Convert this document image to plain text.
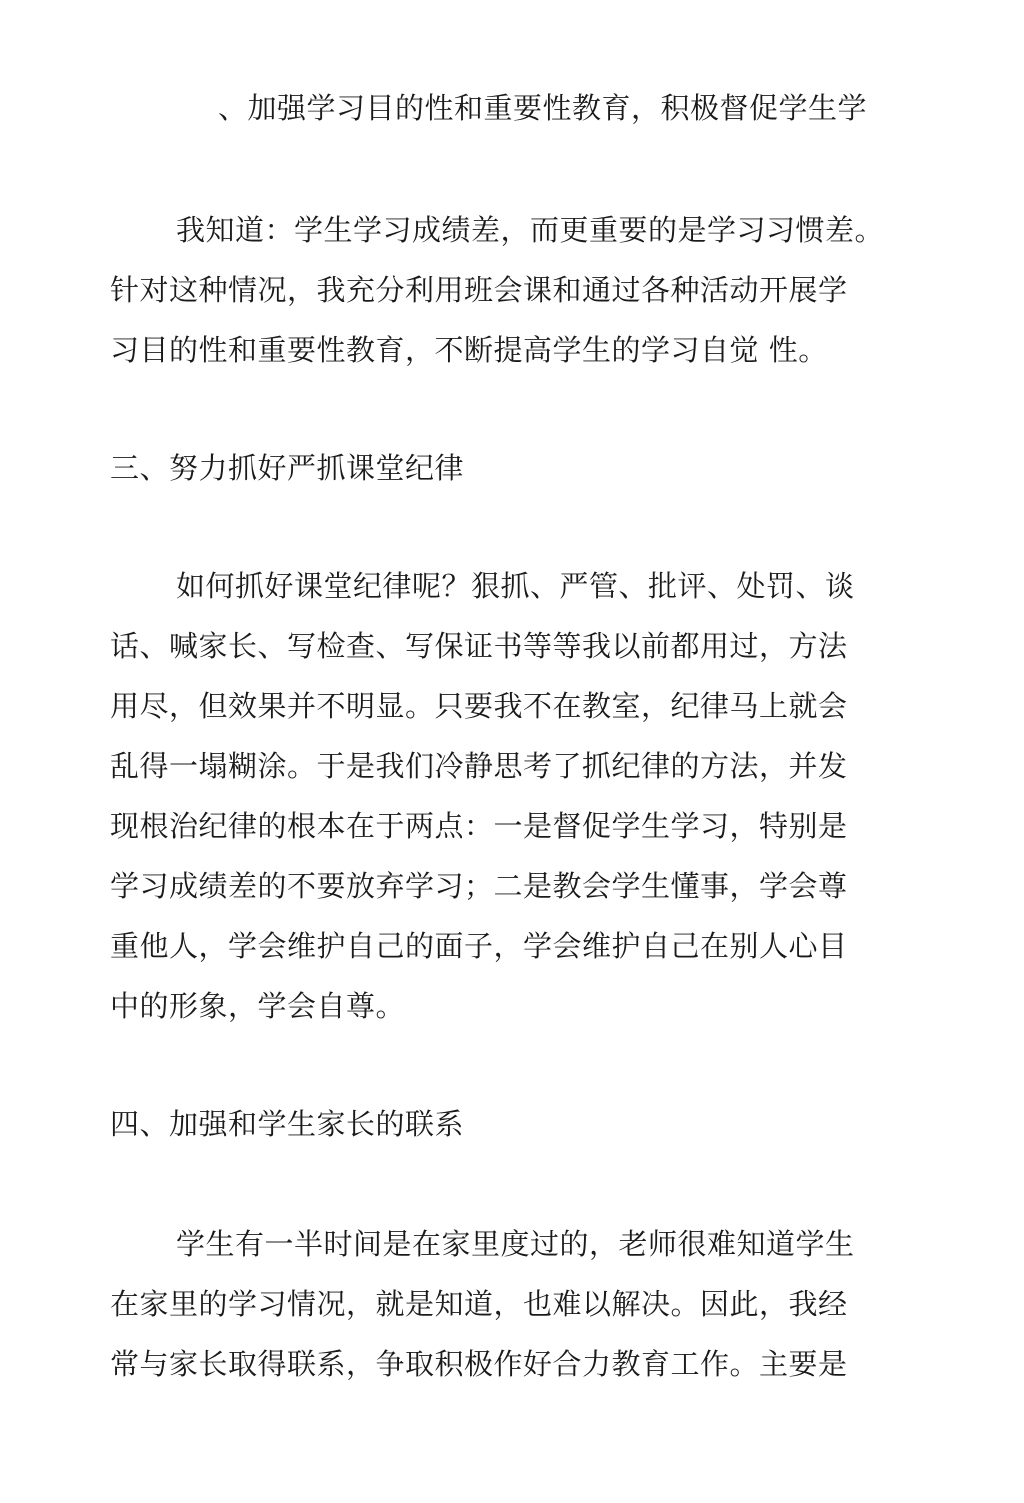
、加强学习目的性和重要性教育，积极督促学生学
我知道：学生学习成绩差，而更重要的是学习习惯差。
针对这种情况，我充分利用班会课和通过各种活动开展学
习目的性和重要性教育，不断提高学生的学习自觉 性。
三、努力抓好严抓课堂纪律
如何抓好课堂纪律呢？狠抓、严管、批评、处罚、谈
话、喊家长、写检查、写保证书等等我以前都用过，方法
用尽，但效果并不明显。只要我不在教室，纪律马上就会
乱得一塌糊涂。于是我们冷静思考了抓纪律的方法，并发
现根治纪律的根本在于两点：一是督促学生学习，特别是
学习成绩差的不要放弃学习；二是教会学生懂事，学会尊
重他人，学会维护自己的面子，学会维护自己在别人心目
中的形象，学会自尊。
四、加强和学生家长的联系
学生有一半时间是在家里度过的，老师很难知道学生
在家里的学习情况，就是知道，也难以解决。因此，我经
常与家长取得联系，争取积极作好合力教育工作。主要是
